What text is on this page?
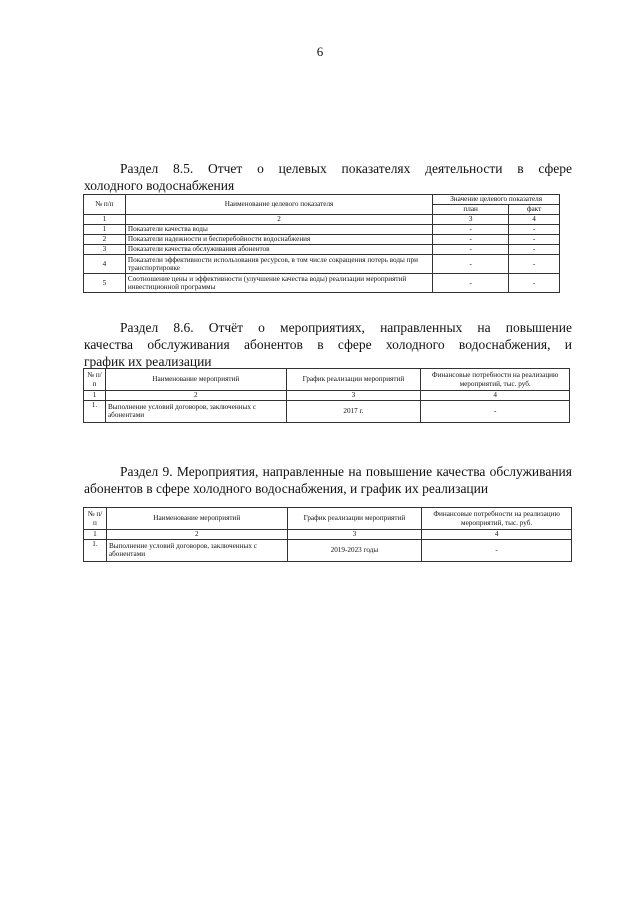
6
Раздел 8.5. Отчет о целевых показателях деятельности в сфере
холодного водоснабжения
№ п/п	Наименование целевого показателя	Значение целевого показателя	
		план	факт
1	2	3	4
1	Показатели качества воды	-	-
2	Показатели надежности и бесперебойности водоснабжения	-	-
3	Показатели качества обслуживания абонентов	-	-
4	Показатели эффективности использования ресурсов, в том числе сокращения потерь воды при транспортировке	-	-
5	Соотношение цены и эффективности (улучшение качества воды) реализации мероприятий инвестиционной программы	-	-
Раздел 8.6. Отчёт о мероприятиях, направленных на повышение
качества обслуживания абонентов в сфере холодного водоснабжения, и
график их реализации
№ п/п	Наименование мероприятий	График реализации мероприятий	Финансовые потребности на реализацию мероприятий, тыс. руб.
1	2	3	4
1.	Выполнение условий договоров, заключенных с абонентами	2017 г.	-
Раздел 9. Мероприятия, направленные на повышение качества обслуживания
абонентов в сфере холодного водоснабжения, и график их реализации
№ п/п	Наименование мероприятий	График реализации мероприятий	Финансовые потребности на реализацию мероприятий, тыс. руб.
1	2	3	4
1.	Выполнение условий договоров, заключенных с абонентами	2019-2023 годы	-
